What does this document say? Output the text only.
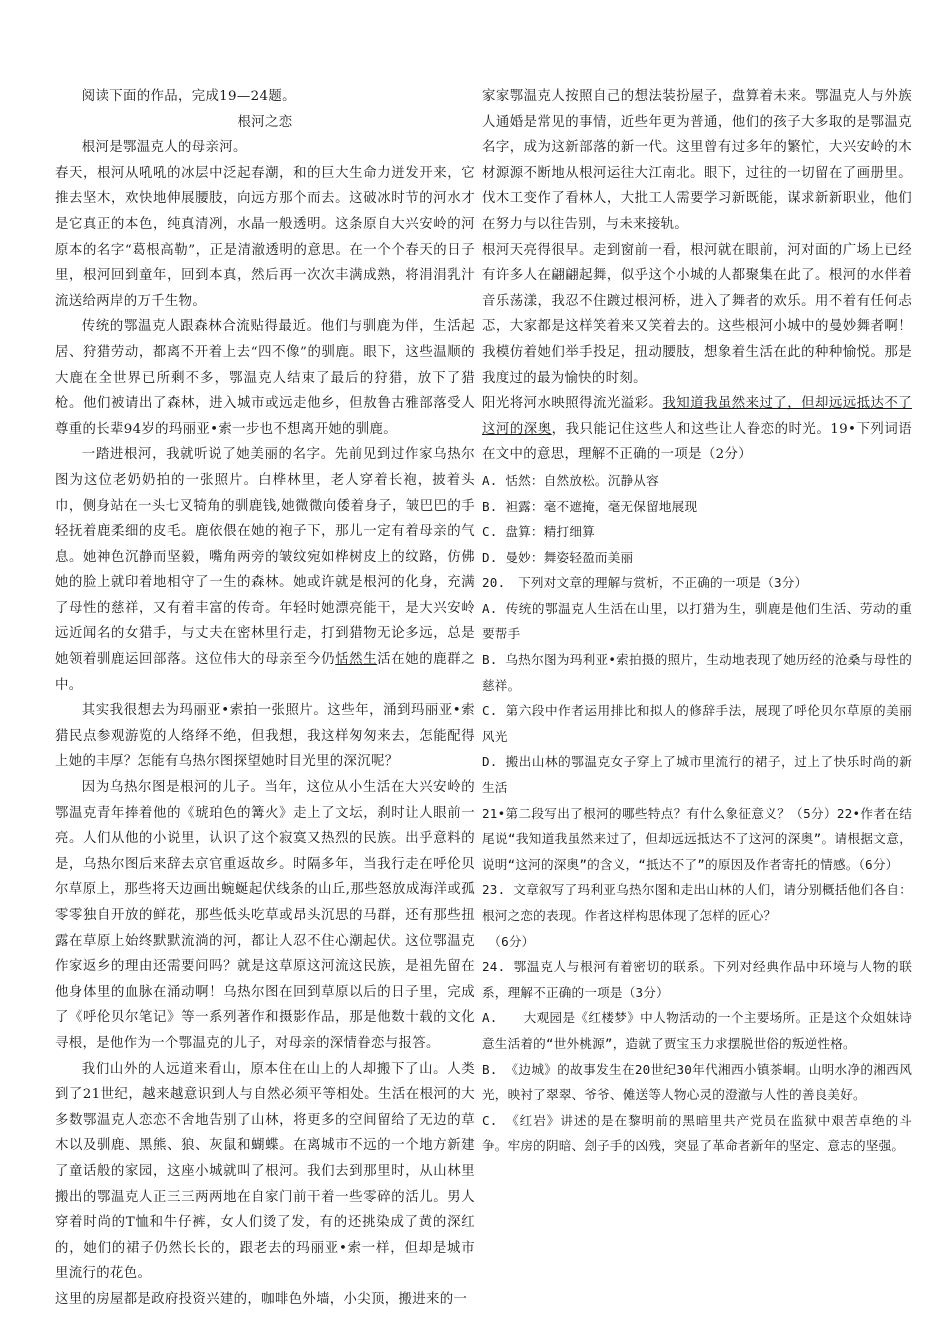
阅读下面的作品，完成19—24题。

根河之恋

根河是鄂温克人的母亲河。

春天，根河从吼吼的冰层中泛起春潮，和的巨大生命力迸发开来，它推去坚木，欢快地伸展腰肢，向远方那个而去。这破冰时节的河水才是它真正的本色，纯真清冽，水晶一般透明。这条原自大兴安岭的河原本的名字“葛根高勒”，正是清澈透明的意思。在一个个春天的日子里，根河回到童年，回到本真，然后再一次次丰满成熟，将涓涓乳汁流送给两岸的万千生物。

传统的鄂温克人跟森林合流贴得最近。他们与驯鹿为伴，生活起居、狩猎劳动，都离不开着上去“四不像”的驯鹿。眼下，这些温顺的大鹿在全世界已所剩不多，鄂温克人结束了最后的狩猎，放下了猎枪。他们被请出了森林，进入城市或远走他乡，但敖鲁古雅部落受人尊重的长辈94岁的玛丽亚•索一步也不想离开她的驯鹿。

一踏进根河，我就听说了她美丽的名字。先前见到过作家乌热尔图为这位老奶奶拍的一张照片。白桦林里，老人穿着长袍，披着头巾，侧身站在一头七叉犄角的驯鹿钱,她微微向倭着身子，皱巴巴的手轻抚着鹿柔细的皮毛。鹿依偎在她的袍子下，那儿一定有着母亲的气息。她神色沉静而坚毅，嘴角两旁的皱纹宛如桦树皮上的纹路，仿佛她的脸上就印着地相守了一生的森林。她或许就是根河的化身，充满了母性的慈祥，又有着丰富的传奇。年轻时她漂亮能干，是大兴安岭远近闻名的女猎手，与丈夫在密林里行走，打到猎物无论多远，总是她领着驯鹿运回部落。这位伟大的母亲至今仍恬然生活在她的鹿群之中。

其实我很想去为玛丽亚•索拍一张照片。这些年，涌到玛丽亚•索猎民点参观游览的人络绎不绝，但我想，我这样匆匆来去，怎能配得上她的丰厚？怎能有乌热尔图探望她时目光里的深沉呢？

因为乌热尔图是根河的儿子。当年，这位从小生活在大兴安岭的鄂温克青年捧着他的《琥珀色的篝火》走上了文坛，刹时让人眼前一亮。人们从他的小说里，认识了这个寂寞又热烈的民族。出乎意料的是，乌热尔图后来辞去京官重返故乡。时隔多年，当我行走在呼伦贝尔草原上，那些将天边画出蜿蜒起伏线条的山丘,那些怒放成海洋或孤零零独自开放的鲜花，那些低头吃草或昂头沉思的马群，还有那些扭露在草原上始终默默流淌的河，都让人忍不住心潮起伏。这位鄂温克作家返乡的理由还需要问吗？就是这草原这河流这民族，是祖先留在他身体里的血脉在涌动啊！乌热尔图在回到草原以后的日子里，完成了《呼伦贝尔笔记》等一系列著作和摄影作品，那是他数十载的文化寻根，是他作为一个鄂温克的儿子，对母亲的深情眷恋与报答。

我们山外的人远道来看山，原本住在山上的人却搬下了山。人类到了21世纪，越来越意识到人与自然必须平等相处。生活在根河的大多数鄂温克人恋恋不舍地告别了山林，将更多的空间留给了无边的草木以及驯鹿、黑熊、狼、灰鼠和蝴蝶。在离城市不远的一个地方新建了童话般的家园，这座小城就叫了根河。我们去到那里时，从山林里搬出的鄂温克人正三三两两地在自家门前干着一些零碎的活儿。男人穿着时尚的T恤和牛仔裤，女人们烫了发，有的还挑染成了黄的深红的，她们的裙子仍然长长的，跟老去的玛丽亚•索一样，但却是城市里流行的花色。

这里的房屋都是政府投资兴建的，咖啡色外墙，小尖顶，搬进来的一

家家鄂温克人按照自己的想法装扮屋子，盘算着未来。鄂温克人与外族人通婚是常见的事情，近些年更为普通，他们的孩子大多取的是鄂温克名字，成为这新部落的新一代。这里曾有过多年的繁忙，大兴安岭的木材源源不断地从根河运往大江南北。眼下，过往的一切留在了画册里。伐木工变作了看林人，大批工人需要学习新既能，谋求新新职业，他们在努力与以往告别，与未来接轨。

根河天亮得很早。走到窗前一看，根河就在眼前，河对面的广场上已经有许多人在翩翩起舞，似乎这个小城的人都聚集在此了。根河的水伴着音乐荡漾，我忍不住踱过根河桥，进入了舞者的欢乐。用不着有任何忐忑，大家都是这样笑着来又笑着去的。这些根河小城中的曼妙舞者啊！我模仿着她们举手投足，扭动腰肢，想象着生活在此的种种愉悦。那是我度过的最为愉快的时刻。

阳光将河水映照得流光溢彩。我知道我虽然来过了，但却远远抵达不了这河的深奥，我只能记住这些人和这些让人眷恋的时光。19•下列词语在文中的意思，理解不正确的一项是（2分）

A. 恬然：自然放松。沉静从容

B. 袒露：毫不遮掩，毫无保留地展现

C. 盘算：精打细算

D. 曼妙：舞姿轻盈而美丽

20.　下列对文章的理解与赏析，不正确的一项是（3分）

A. 传统的鄂温克人生活在山里，以打猎为生，驯鹿是他们生活、劳动的重要帮手

B. 乌热尔图为玛利亚•索拍摄的照片，生动地表现了她历经的沧桑与母性的慈祥。

C. 第六段中作者运用排比和拟人的修辞手法，展现了呼伦贝尔草原的美丽风光

D. 搬出山林的鄂温克女子穿上了城市里流行的裙子，过上了快乐时尚的新生活

21•第二段写出了根河的哪些特点？有什么象征意义？（5分）22•作者在结尾说“我知道我虽然来过了，但却远远抵达不了这河的深奥”。请根据文意，说明“这河的深奥”的含义，“抵达不了”的原因及作者寄托的情感。（6分）

23. 文章叙写了玛利亚乌热尔图和走出山林的人们，请分别概括他们各自：根河之恋的表现。作者这样构思体现了怎样的匠心？

（6分）

24. 鄂温克人与根河有着密切的联系。下列对经典作品中环境与人物的联系，理解不正确的一项是（3分）

A.　　大观园是《红楼梦》中人物活动的一个主要场所。正是这个众姐妹诗意生活着的“世外桃源”，造就了贾宝玉力求摆脱世俗的叛逆性格。

B. 《边城》的故事发生在20世纪30年代湘西小镇茶峒。山明水净的湘西风光，映衬了翠翠、爷爷、傩送等人物心灵的澄澈与人性的善良美好。

C. 《红岩》讲述的是在黎明前的黑暗里共产党员在监狱中艰苦卓绝的斗争。牢房的阴暗、刽子手的凶残，突显了革命者新年的坚定、意志的坚强。
